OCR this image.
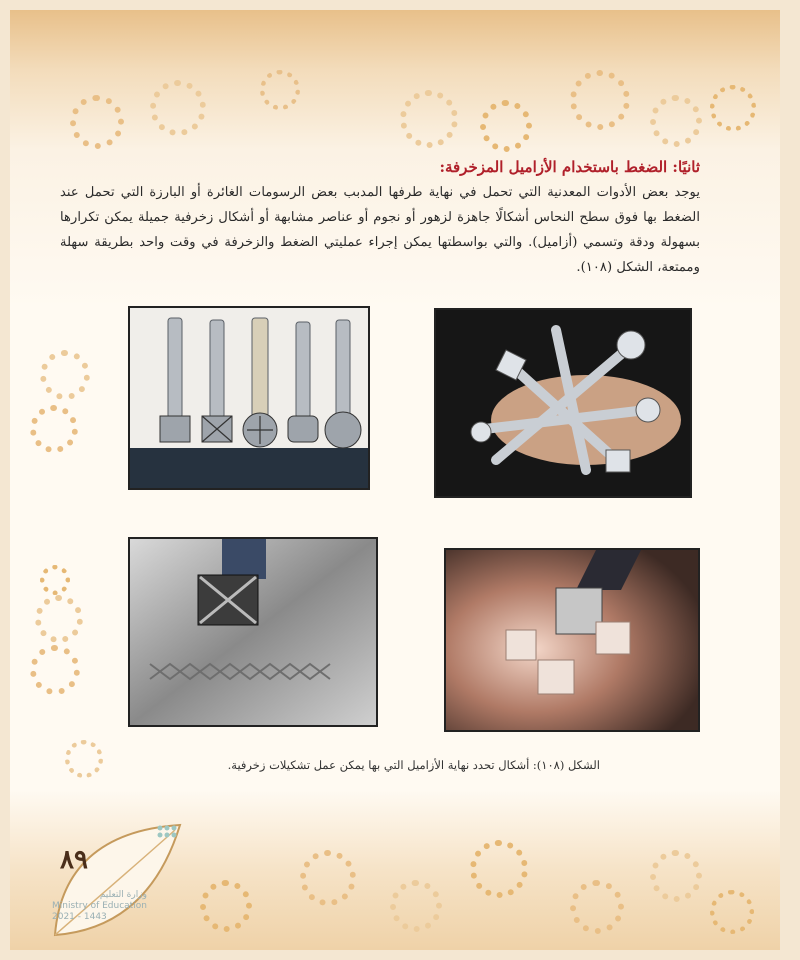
ثانيًا: الضغط باستخدام الأزاميل المزخرفة:

يوجد بعض الأدوات المعدنية التي تحمل في نهاية طرفها المدبب بعض الرسومات الغائرة أو البارزة التي تحمل عند الضغط بها فوق سطح النحاس أشكالًا جاهزة لزهور أو نجوم أو عناصر مشابهة أو أشكال زخرفية جميلة يمكن تكرارها بسهولة ودقة وتسمي (أزاميل). والتي بواسطتها يمكن إجراء عمليتي الضغط والزخرفة في وقت واحد بطريقة سهلة وممتعة، الشكل (١٠٨).

الشكل (١٠٨): أشكال تحدد نهاية الأزاميل التي بها يمكن عمل تشكيلات زخرفية.

٨٩
وزارة التعليم
Ministry of Education
2021 - 1443
